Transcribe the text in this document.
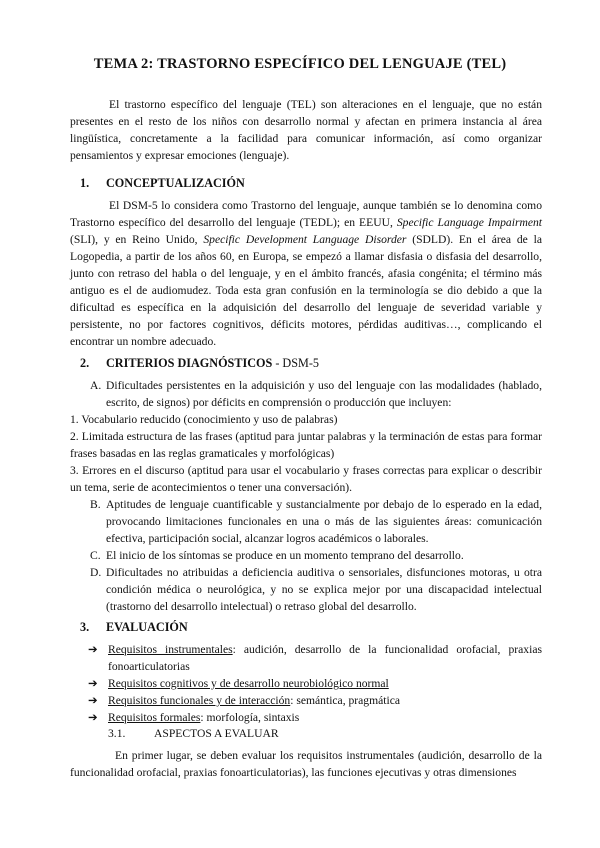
TEMA 2: TRASTORNO ESPECÍFICO DEL LENGUAJE (TEL)
El trastorno específico del lenguaje (TEL) son alteraciones en el lenguaje, que no están presentes en el resto de los niños con desarrollo normal y afectan en primera instancia al área lingüística, concretamente a la facilidad para comunicar información, así como organizar pensamientos y expresar emociones (lenguaje).
1. CONCEPTUALIZACIÓN
El DSM-5 lo considera como Trastorno del lenguaje, aunque también se lo denomina como Trastorno específico del desarrollo del lenguaje (TEDL); en EEUU, Specific Language Impairment (SLI), y en Reino Unido, Specific Development Language Disorder (SDLD). En el área de la Logopedia, a partir de los años 60, en Europa, se empezó a llamar disfasia o disfasia del desarrollo, junto con retraso del habla o del lenguaje, y en el ámbito francés, afasia congénita; el término más antiguo es el de audiomudez. Toda esta gran confusión en la terminología se dio debido a que la dificultad es específica en la adquisición del desarrollo del lenguaje de severidad variable y persistente, no por factores cognitivos, déficits motores, pérdidas auditivas…, complicando el encontrar un nombre adecuado.
2. CRITERIOS DIAGNÓSTICOS - DSM-5
A. Dificultades persistentes en la adquisición y uso del lenguaje con las modalidades (hablado, escrito, de signos) por déficits en comprensión o producción que incluyen:
1. Vocabulario reducido (conocimiento y uso de palabras)
2. Limitada estructura de las frases (aptitud para juntar palabras y la terminación de estas para formar frases basadas en las reglas gramaticales y morfológicas)
3. Errores en el discurso (aptitud para usar el vocabulario y frases correctas para explicar o describir un tema, serie de acontecimientos o tener una conversación).
B. Aptitudes de lenguaje cuantificable y sustancialmente por debajo de lo esperado en la edad, provocando limitaciones funcionales en una o más de las siguientes áreas: comunicación efectiva, participación social, alcanzar logros académicos o laborales.
C. El inicio de los síntomas se produce en un momento temprano del desarrollo.
D. Dificultades no atribuidas a deficiencia auditiva o sensoriales, disfunciones motoras, u otra condición médica o neurológica, y no se explica mejor por una discapacidad intelectual (trastorno del desarrollo intelectual) o retraso global del desarrollo.
3. EVALUACIÓN
➔ Requisitos instrumentales: audición, desarrollo de la funcionalidad orofacial, praxias fonoarticulatorias
➔ Requisitos cognitivos y de desarrollo neurobiológico normal
➔ Requisitos funcionales y de interacción: semántica, pragmática
➔ Requisitos formales: morfología, sintaxis
3.1. ASPECTOS A EVALUAR
En primer lugar, se deben evaluar los requisitos instrumentales (audición, desarrollo de la funcionalidad orofacial, praxias fonoarticulatorias), las funciones ejecutivas y otras dimensiones
